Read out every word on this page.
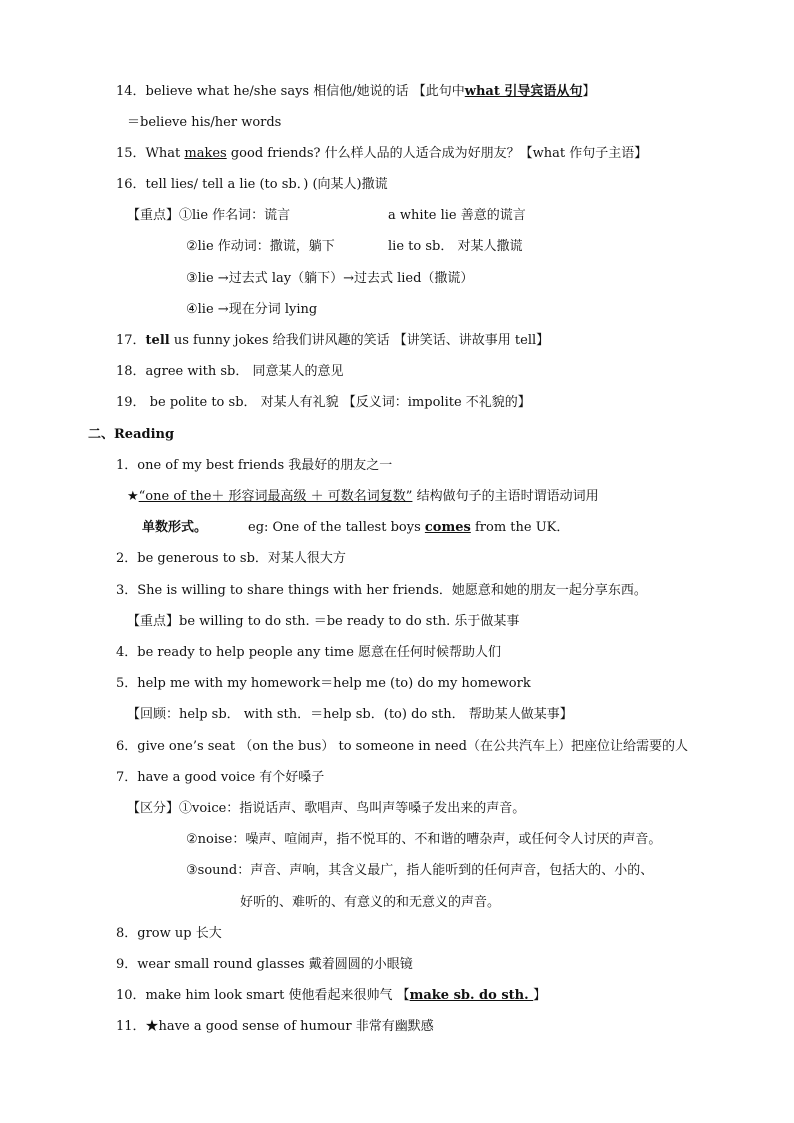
14．believe what he/she says 相信他/她说的话 【此句中what 引导宾语从句】
＝believe his/her words
15．What makes good friends? 什么样人品的人适合成为好朋友？【what 作句子主语】
16．tell lies/ tell a lie (to sb．) (向某人)撒谎
【重点】①lie 作名词：谎言	a white lie 善意的谎言
②lie 作动词：撒谎，躺下	lie to sb． 对某人撒谎
③lie →过去式 lay（躺下）→过去式 lied（撒谎）
④lie →现在分词 lying
17．tell us funny jokes 给我们讲风趣的笑话 【讲笑话、讲故事用 tell】
18．agree with sb． 同意某人的意见
19． be polite to sb． 对某人有礼貌 【反义词：impolite 不礼貌的】
二、Reading
1．one of my best friends 我最好的朋友之一
★“one of the＋ 形容词最高级 ＋ 可数名词复数” 结构做句子的主语时谓语动词用
单数形式。	eg: One of the tallest boys comes from the UK．
2．be generous to sb．对某人很大方
3．She is willing to share things with her friends．她愿意和她的朋友一起分享东西。
【重点】be willing to do sth. ＝be ready to do sth. 乐于做某事
4．be ready to help people any time 愿意在任何时候帮助人们
5．help me with my homework＝help me (to) do my homework
【回顾：help sb． with sth．＝help sb．(to) do sth． 帮助某人做某事】
6．give one’s seat （on the bus） to someone in need（在公共汽车上）把座位让给需要的人
7．have a good voice 有个好嗓子
【区分】①voice：指说话声、歌唱声、鸟叫声等嗓子发出来的声音。
②noise：噪声、喧闹声，指不悦耳的、不和谐的嘈杂声，或任何令人讨厌的声音。
③sound：声音、声响，其含义最广，指人能听到的任何声音，包括大的、小的、
好听的、难听的、有意义的和无意义的声音。
8．grow up 长大
9．wear small round glasses 戴着圆圆的小眼镜
10．make him look smart 使他看起来很帅气 【make sb. do sth. 】
11．★have a good sense of humour 非常有幽默感
